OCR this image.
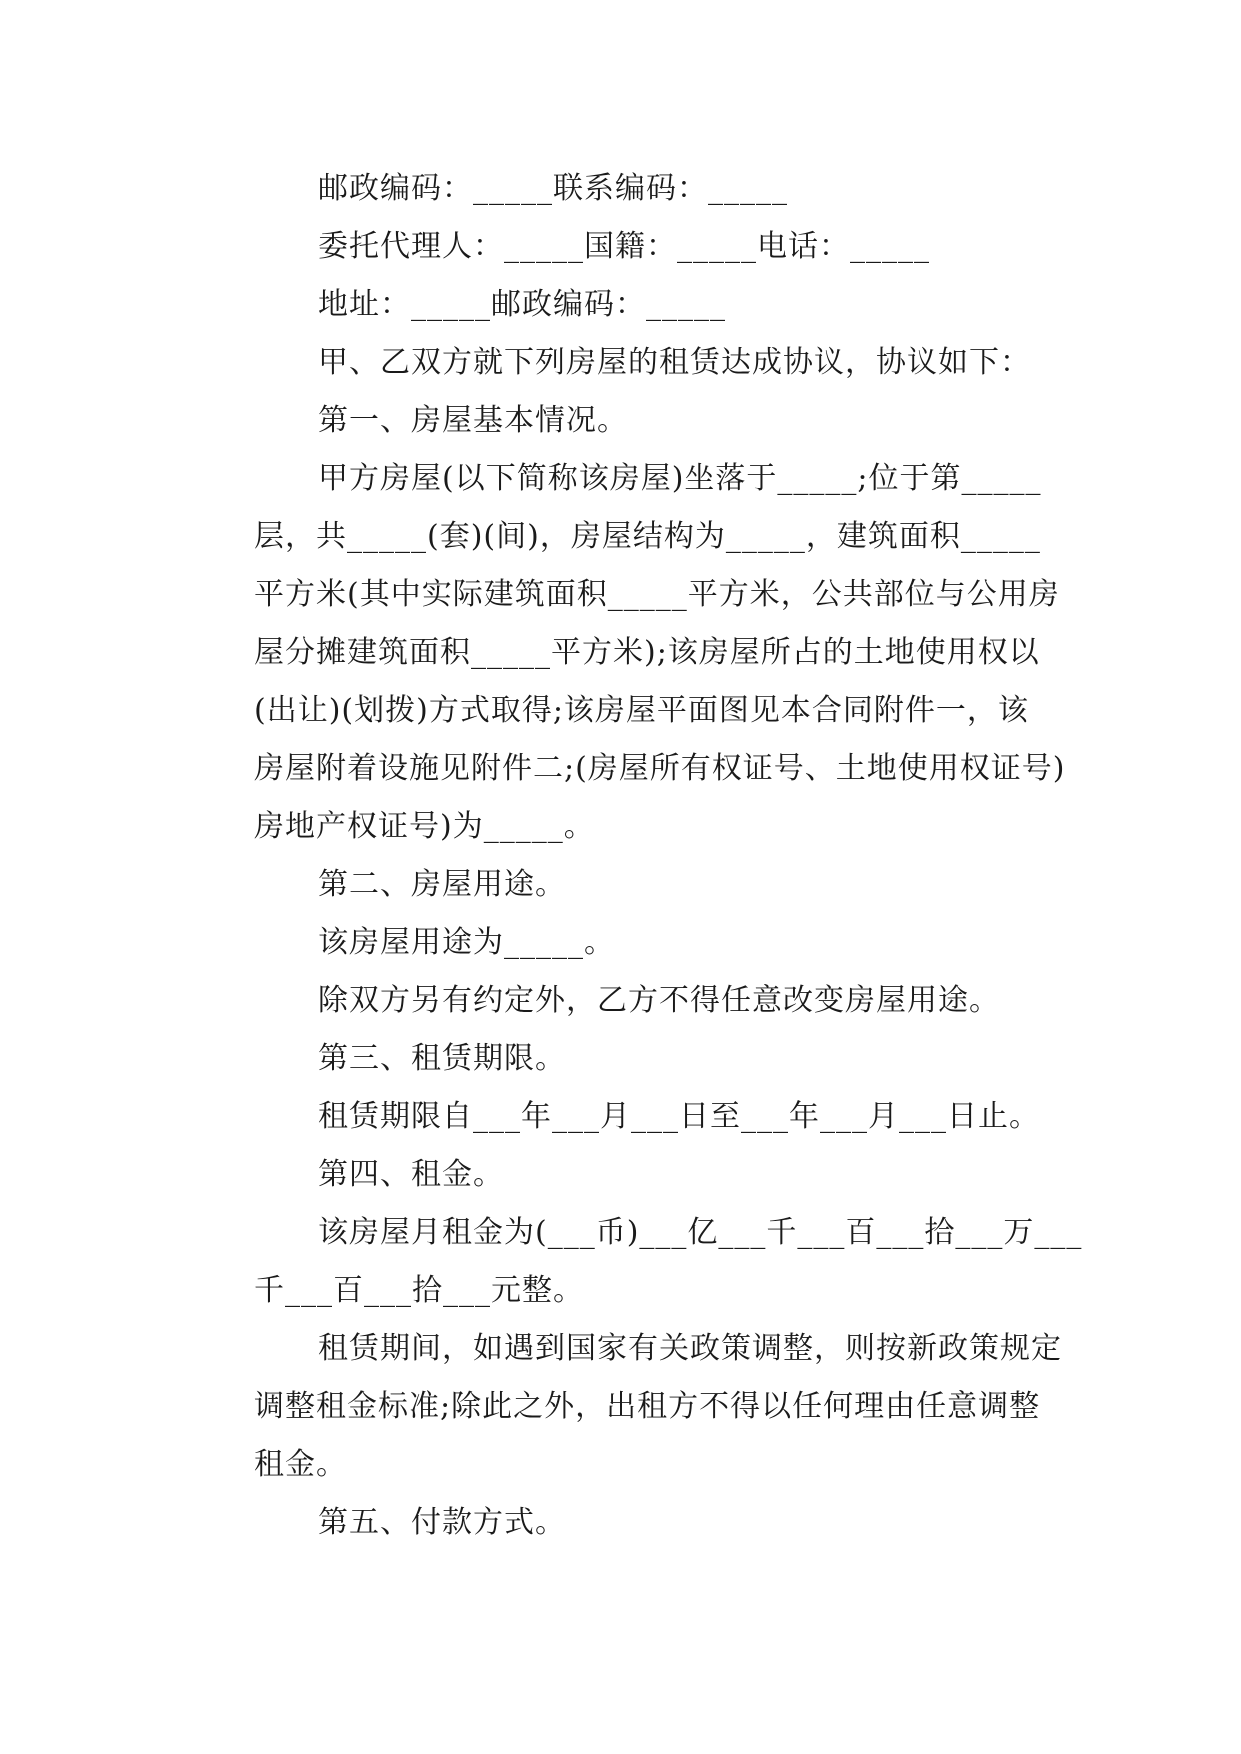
邮政编码：_____联系编码：_____

委托代理人：_____国籍：_____电话：_____

地址：_____邮政编码：_____

甲、乙双方就下列房屋的租赁达成协议，协议如下：

第一、房屋基本情况。

甲方房屋(以下简称该房屋)坐落于_____;位于第_____
层，共_____(套)(间)，房屋结构为_____，建筑面积_____
平方米(其中实际建筑面积_____平方米，公共部位与公用房
屋分摊建筑面积_____平方米);该房屋所占的土地使用权以
(出让)(划拨)方式取得;该房屋平面图见本合同附件一，该
房屋附着设施见附件二;(房屋所有权证号、土地使用权证号)
房地产权证号)为_____。

第二、房屋用途。

该房屋用途为_____。

除双方另有约定外，乙方不得任意改变房屋用途。

第三、租赁期限。

租赁期限自___年___月___日至___年___月___日止。

第四、租金。

该房屋月租金为(___币)___亿___千___百___拾___万___
千___百___拾___元整。

租赁期间，如遇到国家有关政策调整，则按新政策规定
调整租金标准;除此之外，出租方不得以任何理由任意调整
租金。

第五、付款方式。
